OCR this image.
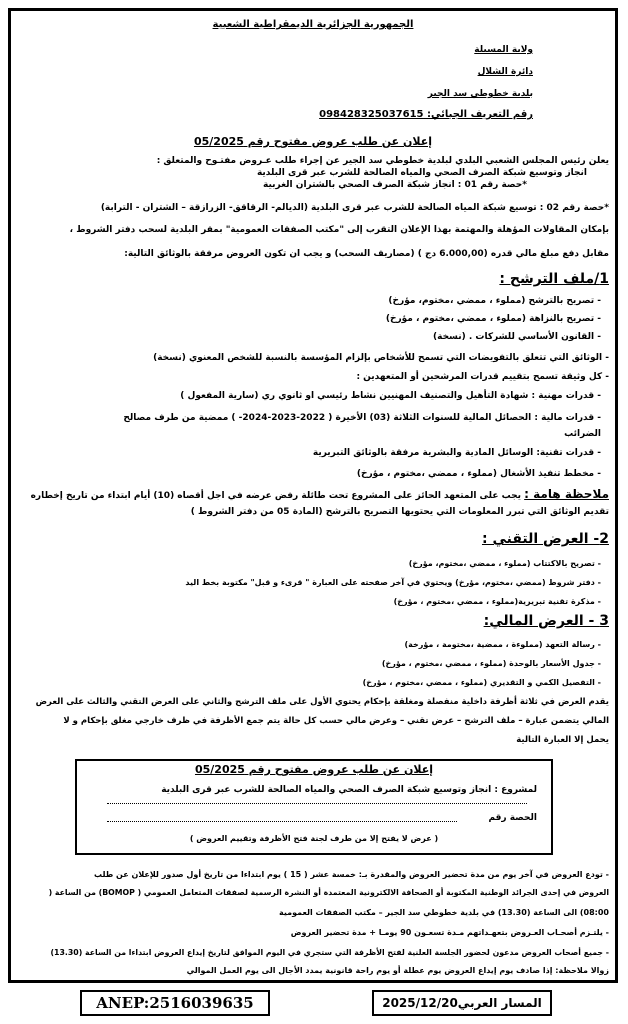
الجمهورية الجزائرية الديمقراطية الشعبية
ولاية المسيلة
دائرة الشلال
بلدية خطوطي سد الجير
رقم التعريف الجبائي: 098428325037615
إعلان عن طلب عروض مفتوح رقم 05/2025
يعلن رئيس المجلس الشعبي البلدي لبلدية خطوطي سد الجير عن إجراء طلب عـروض مفتـوح والمتعلق :
انجاز وتوسيع شبكة الصرف الصحي والمياه الصالحة للشرب عبر قرى البلدية
*حصة رقم 01 : انجاز شبكة الصرف الصحي بالشتران الغربية
*حصة رقم 02 : توسيع شبكة المياه الصالحة للشرب عبر قرى البلدية (الديالم- الرقاقق- الزرازقة – الشتران - الترابة)
بإمكان المقاولات المؤهلة والمهتمة بهذا الإعلان التقرب إلى "مكتب الصفقات العمومية" بمقر البلدية لسحب دفتر الشروط ،
مقابل دفع مبلغ مالي قدره (6.000,00 دج ) (مصاريف السحب) و يجب ان تكون العروض مرفقة بالوثائق التالية:
1/ملف الترشح :
- تصريح بالترشح (مملوء ، ممضي ،مختوم، مؤرخ)
- تصريح بالنزاهة (مملوء ، ممضي ،مختوم ، مؤرخ)
- القانون الأساسي للشركات . (نسخة)
- الوثائق التي تتعلق بالتفويضات التي تسمح للأشخاص بإلزام المؤسسة بالنسبة للشخص المعنوي (نسخة)
- كل وثيقة تسمح بتقييم قدرات المرشحين أو المتعهدين :
- قدرات مهنية : شهادة التأهيل والتصنيف المهنيين نشاط رئيسي او ثانوي ري (سارية المفعول )
- قدرات مالية : الحصائل المالية للسنوات الثلاثة (03) الأخيرة ( 2022-2023-2024- ) ممضية من طرف مصالح
الضرائب
- قدرات تقنية: الوسائل المادية والبشرية مرفقة بالوثائق التبريرية
- مخطط تنفيذ الأشغال (مملوء ، ممضي ،مختوم ، مؤرخ)
ملاحظة هامة : يجب على المتعهد الحائز على المشروع تحت طائلة رفض عرضه في اجل أقصاه (10) أيام ابتداء من تاريخ إخطاره
تقديم الوثائق التي تبرر المعلومات التي يحتويها التصريح بالترشح (المادة 05 من دفتر الشروط )
2- العرض التقني :
- تصريح بالاكتتاب (مملوء ، ممضي ،مختوم، مؤرخ)
- دفتر شروط (ممضي ،مختوم، مؤرخ) ويحتوي في آخر صفحته على العبارة " قرىء و قبل" مكتوبة بخط اليد
- مذكرة تقنية تبريرية(مملوء ، ممضي ،مختوم ، مؤرخ)
3 - العرض المالي:
- رسالة التعهد (مملوءة ، ممضية ،مختومة ، مؤرخة)
- جدول الأسعار بالوحدة (مملوء ، ممضي ،مختوم ، مؤرخ)
- التفصيل الكمي و التقديري (مملوء ، ممضي ،مختوم ، مؤرخ)
يقدم العرض في ثلاثة أظرفة داخلية منفصلة ومغلقة بإحكام يحتوي الأول على ملف الترشح والثاني على العرض التقني والثالث على العرض
المالي يتضمن عبارة – ملف الترشح – عرض تقني – وعرض مالي حسب كل حالة يتم جمع الأظرفة في ظرف خارجي مغلق بإحكام و لا
يحمل إلا العبارة التالية
إعلان عن طلب عروض مفتوح رقم 05/2025
لمشروع : انجاز وتوسيع شبكة الصرف الصحي والمياه الصالحة للشرب عبر قرى البلدية
الحصة رقم
( عرض لا يفتح إلا من طرف لجنة فتح الأظرفة وتقييم العروض )
- تودع العروض في آخر يوم من مدة تحضير العروض والمقدرة بـ: خمسة عشر ( 15 ) يوم ابتداءا من تاريخ أول صدور للإعلان عن طلب
العروض في إحدى الجرائد الوطنية المكتوبة أو الصحافة الالكترونية المعتمدة أو النشرة الرسمية لصفقات المتعامل العمومي ( BOMOP) من الساعة (
08:00) الى الساعة (13.30) في بلدية خطوطي سد الجير – مكتب الصفقات العمومية
- يلتـزم أصحـاب العـروض بتعهـداتهم مـدة تسعـون 90 يومـا + مدة تحضير العروض
- جميع أصحاب العروض مدعون لحضور الجلسة العلنية لفتح الأظرفة التي ستجري في اليوم الموافق لتاريخ إيداع العروض ابتداءا من الساعة (13.30)
زوالا ملاحظة: إذا صادف يوم إيداع العروض يوم عطلة أو يوم راحة قانونية يمدد الأجال الى يوم العمل الموالي
ANEP:2516039635	المسار العربي2025/12/20
